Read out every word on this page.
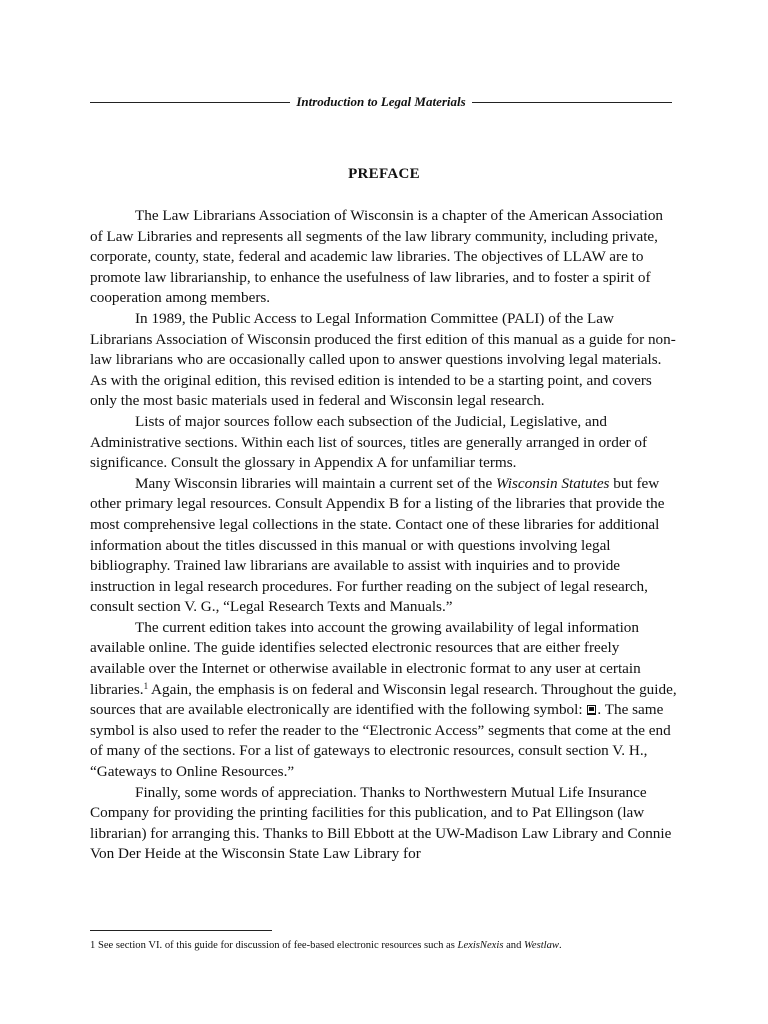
Introduction to Legal Materials
PREFACE

The Law Librarians Association of Wisconsin is a chapter of the American Association of Law Libraries and represents all segments of the law library community, including private, corporate, county, state, federal and academic law libraries. The objectives of LLAW are to promote law librarianship, to enhance the usefulness of law libraries, and to foster a spirit of cooperation among members.

In 1989, the Public Access to Legal Information Committee (PALI) of the Law Librarians Association of Wisconsin produced the first edition of this manual as a guide for non-law librarians who are occasionally called upon to answer questions involving legal materials. As with the original edition, this revised edition is intended to be a starting point, and covers only the most basic materials used in federal and Wisconsin legal research.

Lists of major sources follow each subsection of the Judicial, Legislative, and Administrative sections. Within each list of sources, titles are generally arranged in order of significance. Consult the glossary in Appendix A for unfamiliar terms.

Many Wisconsin libraries will maintain a current set of the Wisconsin Statutes but few other primary legal resources. Consult Appendix B for a listing of the libraries that provide the most comprehensive legal collections in the state. Contact one of these libraries for additional information about the titles discussed in this manual or with questions involving legal bibliography. Trained law librarians are available to assist with inquiries and to provide instruction in legal research procedures. For further reading on the subject of legal research, consult section V. G., “Legal Research Texts and Manuals.”

The current edition takes into account the growing availability of legal information available online. The guide identifies selected electronic resources that are either freely available over the Internet or otherwise available in electronic format to any user at certain libraries.$^1$ Again, the emphasis is on federal and Wisconsin legal research. Throughout the guide, sources that are available electronically are identified with the following symbol: . The same symbol is also used to refer the reader to the “Electronic Access” segments that come at the end of many of the sections. For a list of gateways to electronic resources, consult section V. H., “Gateways to Online Resources.”

Finally, some words of appreciation. Thanks to Northwestern Mutual Life Insurance Company for providing the printing facilities for this publication, and to Pat Ellingson (law librarian) for arranging this. Thanks to Bill Ebbott at the UW-Madison Law Library and Connie Von Der Heide at the Wisconsin State Law Library for

1 See section VI. of this guide for discussion of fee-based electronic resources such as LexisNexis and Westlaw.
